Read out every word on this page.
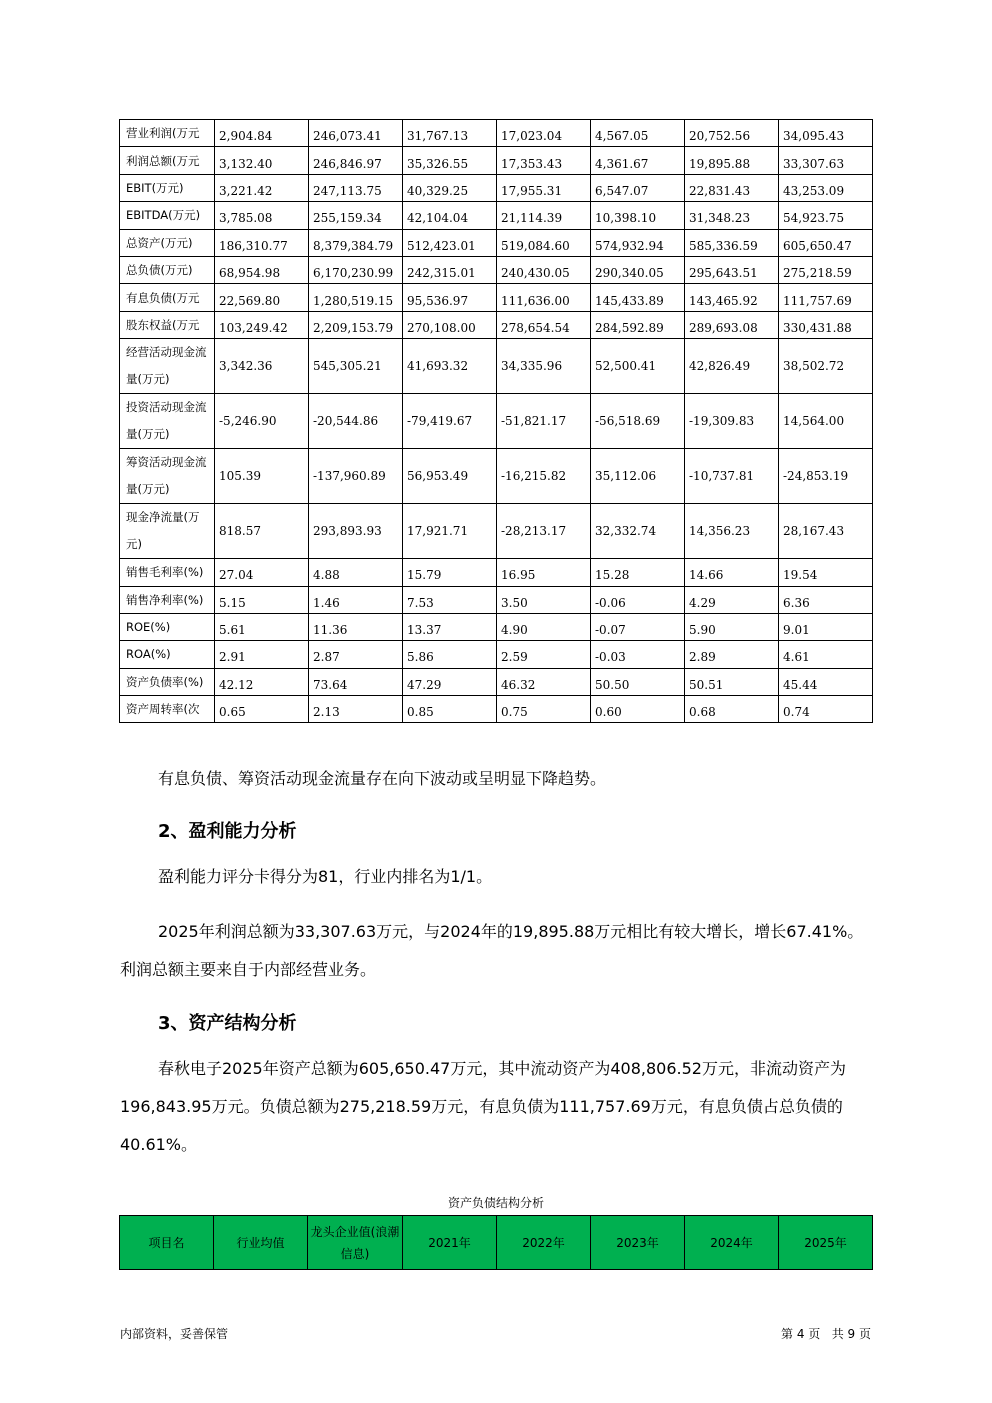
营业利润(万元	2,904.84	246,073.41	31,767.13	17,023.04	4,567.05	20,752.56	34,095.43
利润总额(万元	3,132.40	246,846.97	35,326.55	17,353.43	4,361.67	19,895.88	33,307.63
EBIT(万元)	3,221.42	247,113.75	40,329.25	17,955.31	6,547.07	22,831.43	43,253.09
EBITDA(万元)	3,785.08	255,159.34	42,104.04	21,114.39	10,398.10	31,348.23	54,923.75
总资产(万元)	186,310.77	8,379,384.79	512,423.01	519,084.60	574,932.94	585,336.59	605,650.47
总负债(万元)	68,954.98	6,170,230.99	242,315.01	240,430.05	290,340.05	295,643.51	275,218.59
有息负债(万元	22,569.80	1,280,519.15	95,536.97	111,636.00	145,433.89	143,465.92	111,757.69
股东权益(万元	103,249.42	2,209,153.79	270,108.00	278,654.54	284,592.89	289,693.08	330,431.88
经营活动现金流量(万元)	3,342.36	545,305.21	41,693.32	34,335.96	52,500.41	42,826.49	38,502.72
投资活动现金流量(万元)	-5,246.90	-20,544.86	-79,419.67	-51,821.17	-56,518.69	-19,309.83	14,564.00
筹资活动现金流量(万元)	105.39	-137,960.89	56,953.49	-16,215.82	35,112.06	-10,737.81	-24,853.19
现金净流量(万元)	818.57	293,893.93	17,921.71	-28,213.17	32,332.74	14,356.23	28,167.43
销售毛利率(%)	27.04	4.88	15.79	16.95	15.28	14.66	19.54
销售净利率(%)	5.15	1.46	7.53	3.50	-0.06	4.29	6.36
ROE(%)	5.61	11.36	13.37	4.90	-0.07	5.90	9.01
ROA(%)	2.91	2.87	5.86	2.59	-0.03	2.89	4.61
资产负债率(%)	42.12	73.64	47.29	46.32	50.50	50.51	45.44
资产周转率(次	0.65	2.13	0.85	0.75	0.60	0.68	0.74
有息负债、筹资活动现金流量存在向下波动或呈明显下降趋势。
2、盈利能力分析
盈利能力评分卡得分为81，行业内排名为1/1。
2025年利润总额为33,307.63万元，与2024年的19,895.88万元相比有较大增长，增长67.41%。利润总额主要来自于内部经营业务。
3、资产结构分析
春秋电子2025年资产总额为605,650.47万元，其中流动资产为408,806.52万元，非流动资产为196,843.95万元。负债总额为275,218.59万元，有息负债为111,757.69万元，有息负债占总负债的40.61%。
资产负债结构分析
项目名	行业均值	龙头企业值(浪潮信息)	2021年	2022年	2023年	2024年	2025年
内部资料，妥善保管	第 4 页   共 9 页
